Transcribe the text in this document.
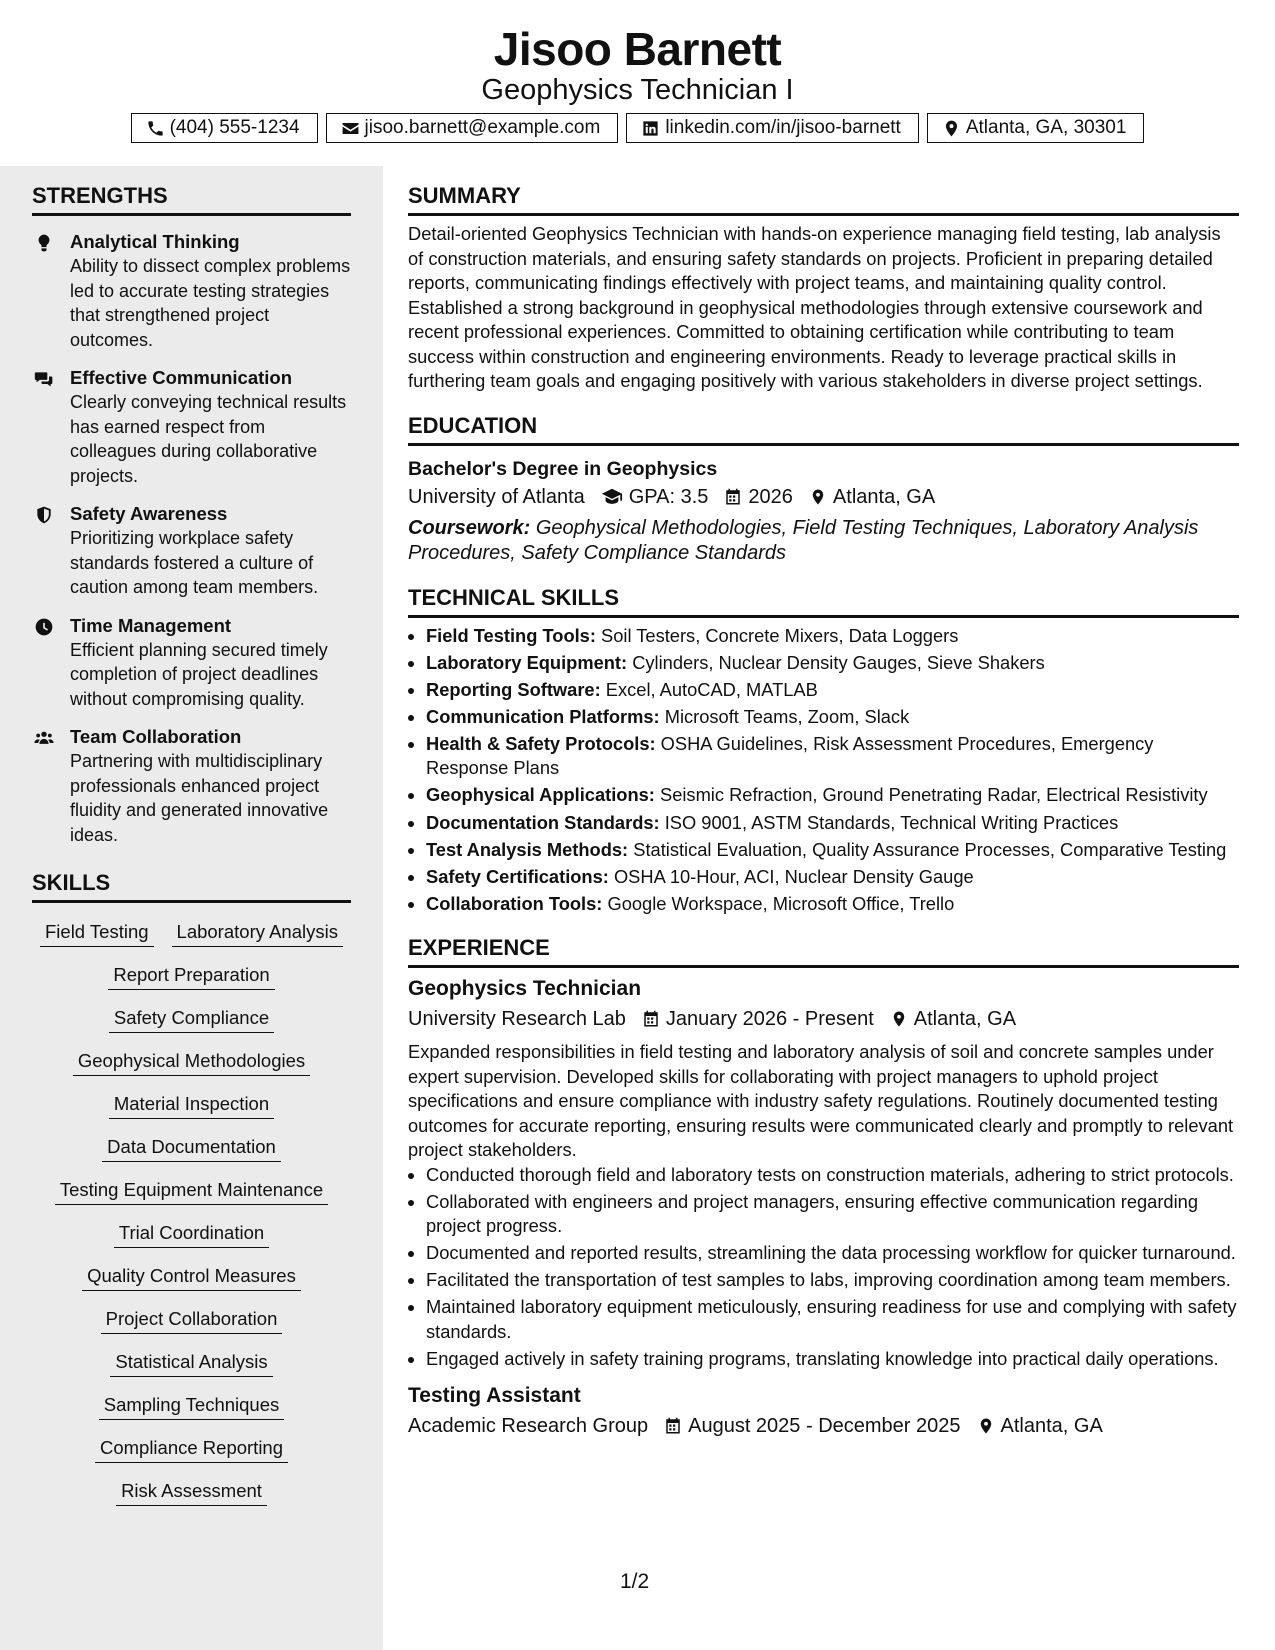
Jisoo Barnett
Geophysics Technician I
(404) 555-1234	jisoo.barnett@example.com	linkedin.com/in/jisoo-barnett	Atlanta, GA, 30301
STRENGTHS
Analytical Thinking
Ability to dissect complex problems led to accurate testing strategies that strengthened project outcomes.
Effective Communication
Clearly conveying technical results has earned respect from colleagues during collaborative projects.
Safety Awareness
Prioritizing workplace safety standards fostered a culture of caution among team members.
Time Management
Efficient planning secured timely completion of project deadlines without compromising quality.
Team Collaboration
Partnering with multidisciplinary professionals enhanced project fluidity and generated innovative ideas.
SKILLS
Field Testing Laboratory Analysis
Report Preparation
Safety Compliance
Geophysical Methodologies
Material Inspection
Data Documentation
Testing Equipment Maintenance
Trial Coordination
Quality Control Measures
Project Collaboration
Statistical Analysis
Sampling Techniques
Compliance Reporting
Risk Assessment
SUMMARY

Detail-oriented Geophysics Technician with hands-on experience managing field testing, lab analysis of construction materials, and ensuring safety standards on projects. Proficient in preparing detailed reports, communicating findings effectively with project teams, and maintaining quality control. Established a strong background in geophysical methodologies through extensive coursework and recent professional experiences. Committed to obtaining certification while contributing to team success within construction and engineering environments. Ready to leverage practical skills in furthering team goals and engaging positively with various stakeholders in diverse project settings.

EDUCATION
Bachelor's Degree in Geophysics
University of Atlanta GPA: 3.5 2026 Atlanta, GA
Coursework: Geophysical Methodologies, Field Testing Techniques, Laboratory Analysis Procedures, Safety Compliance Standards
TECHNICAL SKILLS
• Field Testing Tools: Soil Testers, Concrete Mixers, Data Loggers
• Laboratory Equipment: Cylinders, Nuclear Density Gauges, Sieve Shakers
• Reporting Software: Excel, AutoCAD, MATLAB
• Communication Platforms: Microsoft Teams, Zoom, Slack
• Health & Safety Protocols: OSHA Guidelines, Risk Assessment Procedures, Emergency Response Plans
• Geophysical Applications: Seismic Refraction, Ground Penetrating Radar, Electrical Resistivity
• Documentation Standards: ISO 9001, ASTM Standards, Technical Writing Practices
• Test Analysis Methods: Statistical Evaluation, Quality Assurance Processes, Comparative Testing
• Safety Certifications: OSHA 10-Hour, ACI, Nuclear Density Gauge
• Collaboration Tools: Google Workspace, Microsoft Office, Trello
EXPERIENCE
Geophysics Technician
University Research Lab January 2026 - Present Atlanta, GA

Expanded responsibilities in field testing and laboratory analysis of soil and concrete samples under expert supervision. Developed skills for collaborating with project managers to uphold project specifications and ensure compliance with industry safety regulations. Routinely documented testing outcomes for accurate reporting, ensuring results were communicated clearly and promptly to relevant project stakeholders.

• Conducted thorough field and laboratory tests on construction materials, adhering to strict protocols.
• Collaborated with engineers and project managers, ensuring effective communication regarding project progress.
• Documented and reported results, streamlining the data processing workflow for quicker turnaround.
• Facilitated the transportation of test samples to labs, improving coordination among team members.
• Maintained laboratory equipment meticulously, ensuring readiness for use and complying with safety standards.
• Engaged actively in safety training programs, translating knowledge into practical daily operations.
Testing Assistant
Academic Research Group August 2025 - December 2025 Atlanta, GA
1/2
